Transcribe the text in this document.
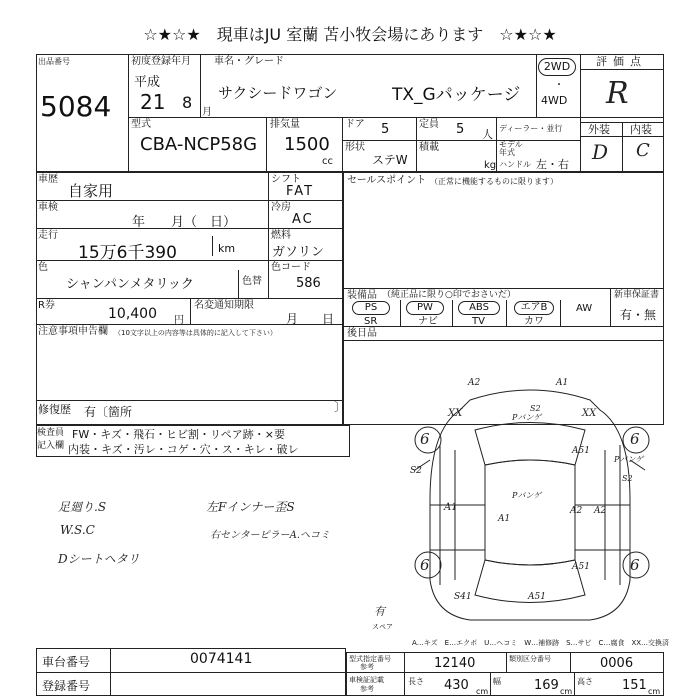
☆★☆★　現車はJU 室蘭 苫小牧会場にあります　☆★☆★
出品番号
5084
初度登録年月
平成
21 8
月
車名・グレード
サクシードワゴン	TX_Gパッケージ
2WD
・
4WD
評価点
R
型式
CBA-NCP58G
排気量
1500
cc
ドア 5	定員 5 人 ディーラー・並行
形状
ステW
積載
kg
モデル年式
ハンドル 左・右
外装 内装
D C
車歴
自家用
車検
年　　月（　日）
走行
15万6千390	km
シフト
FAT
冷房
AC
燃料
ガソリン
色
シャンパンメタリック	色替
色コード
586
R券
10,400 円
名変通知期限
月　　日
注意事項申告欄 （10文字以上の内容等は具体的に記入して下さい）
修復歴 有〔箇所	〕
セールスポイント （正常に機能するものに限ります）
装備品 （純正品に限り○印でおさいだ）	新車保証書
有・無
PS	PW	ABS	エアB	AW
SR	ナビ	TV	カワ
後日品
検査員
記入欄
FW・キズ・飛石・ヒビ割・リペア跡・×要
内装・キズ・汚レ・コゲ・穴・ス・キレ・破レ
足廻り.S
W.S.C
Dシートヘタリ
左Fインナー歪S
右センターピラーA.ヘコミ
A2	A1
XX	XX
S2
Pバンゲ
A51
A1	A2 A2
S2
Pバンゲ
Pバンゲ
A1
S2
A51
S41	A51
6	6
6	6
有
スペア
A…キズ　E…エクボ　U…ヘコミ　W…補修跡　S…サビ　C…腐食　XX…交換済
車台番号	0074141
登録番号
型式指定番号
参考	12140	類別区分番号	0006
車検証記載
参考
長さ 430 cm
幅	169 cm
高さ 151 cm
